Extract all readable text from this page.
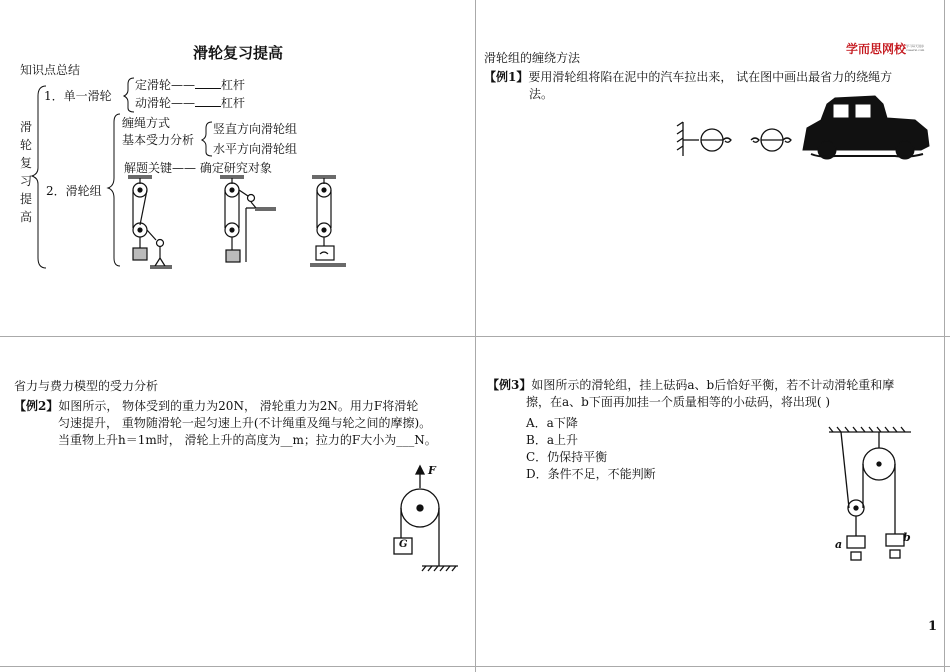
滑轮复习提高
知识点总结
滑
轮
复
习
提
高
1．单一滑轮
定滑轮—— 杠杆
动滑轮—— 杠杆
2．滑轮组
缠绳方式
基本受力分析
竖直方向滑轮组
水平方向滑轮组
解题关键—— 确定研究对象
学而思网校 学习每天进步 xueersi.com
滑轮组的缠绕方法
【例1】要用滑轮组将陷在泥中的汽车拉出来， 试在图中画出最省力的绕绳方
法。
省力与费力模型的受力分析
【例2】如图所示， 物体受到的重力为20N， 滑轮重力为2N。用力F将滑轮
匀速提升， 重物随滑轮一起匀速上升(不计绳重及绳与轮之间的摩擦)。
当重物上升h＝1m时， 滑轮上升的高度为__m；拉力的F大小为___N。
F
G
【例3】如图所示的滑轮组，挂上砝码a、b后恰好平衡，若不计动滑轮重和摩
擦，在a、b下面再加挂一个质量相等的小砝码，将出现( )
A．a下降
B．a上升
C．仍保持平衡
D．条件不足，不能判断
a
b
1
